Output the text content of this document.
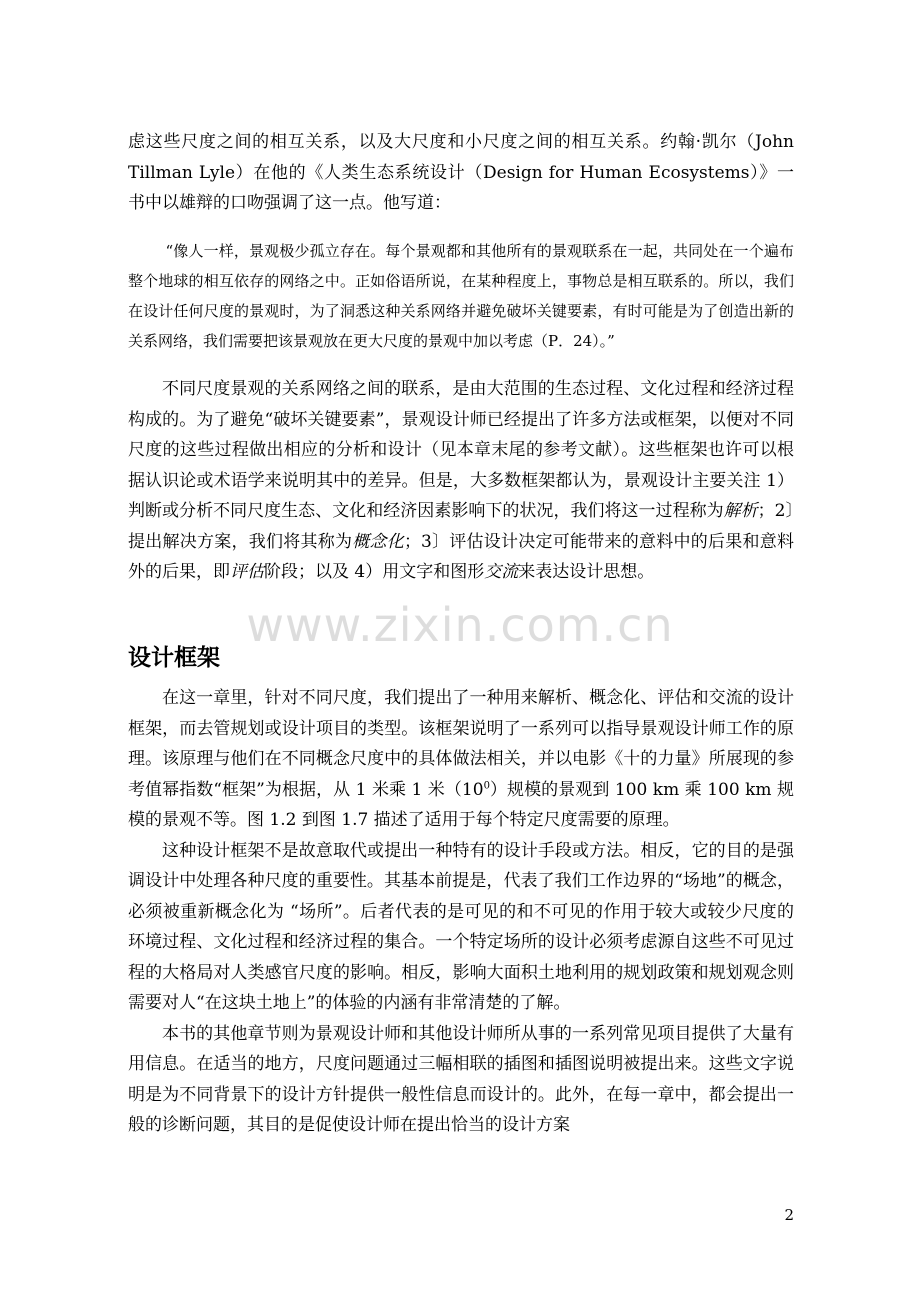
虑这些尺度之间的相互关系，以及大尺度和小尺度之间的相互关系。约翰·凯尔（John Tillman Lyle）在他的《人类生态系统设计（Design for Human Ecosystems）》一书中以雄辩的口吻强调了这一点。他写道：
“像人一样，景观极少孤立存在。每个景观都和其他所有的景观联系在一起，共同处在一个遍布整个地球的相互依存的网络之中。正如俗语所说，在某种程度上，事物总是相互联系的。所以，我们在设计任何尺度的景观时，为了洞悉这种关系网络并避免破坏关键要素，有时可能是为了创造出新的关系网络，我们需要把该景观放在更大尺度的景观中加以考虑（P．24）。”
不同尺度景观的关系网络之间的联系，是由大范围的生态过程、文化过程和经济过程构成的。为了避免“破坏关键要素”，景观设计师已经提出了许多方法或框架，以便对不同尺度的这些过程做出相应的分析和设计（见本章末尾的参考文献）。这些框架也许可以根据认识论或术语学来说明其中的差异。但是，大多数框架都认为，景观设计主要关注 1）判断或分析不同尺度生态、文化和经济因素影响下的状况，我们将这一过程称为解析；2〕提出解决方案，我们将其称为概念化；3〕评估设计决定可能带来的意料中的后果和意料外的后果，即评估阶段；以及 4）用文字和图形交流来表达设计思想。
www.zixin.com.cn
设计框架

在这一章里，针对不同尺度，我们提出了一种用来解析、概念化、评估和交流的设计框架，而去管规划或设计项目的类型。该框架说明了一系列可以指导景观设计师工作的原理。该原理与他们在不同概念尺度中的具体做法相关，并以电影《十的力量》所展现的参考值幂指数“框架”为根据，从 1 米乘 1 米$(10^0)$规模的景观到 100 km 乘 100 km 规模的景观不等。图 1.2 到图 1.7 描述了适用于每个特定尺度需要的原理。

这种设计框架不是故意取代或提出一种特有的设计手段或方法。相反，它的目的是强调设计中处理各种尺度的重要性。其基本前提是，代表了我们工作边界的“场地”的概念，必须被重新概念化为 “场所”。后者代表的是可见的和不可见的作用于较大或较少尺度的环境过程、文化过程和经济过程的集合。一个特定场所的设计必须考虑源自这些不可见过程的大格局对人类感官尺度的影响。相反，影响大面积土地利用的规划政策和规划观念则需要对人“在这块土地上”的体验的内涵有非常清楚的了解。

本书的其他章节则为景观设计师和其他设计师所从事的一系列常见项目提供了大量有用信息。在适当的地方，尺度问题通过三幅相联的插图和插图说明被提出来。这些文字说明是为不同背景下的设计方针提供一般性信息而设计的。此外，在每一章中，都会提出一般的诊断问题，其目的是促使设计师在提出恰当的设计方案

2
